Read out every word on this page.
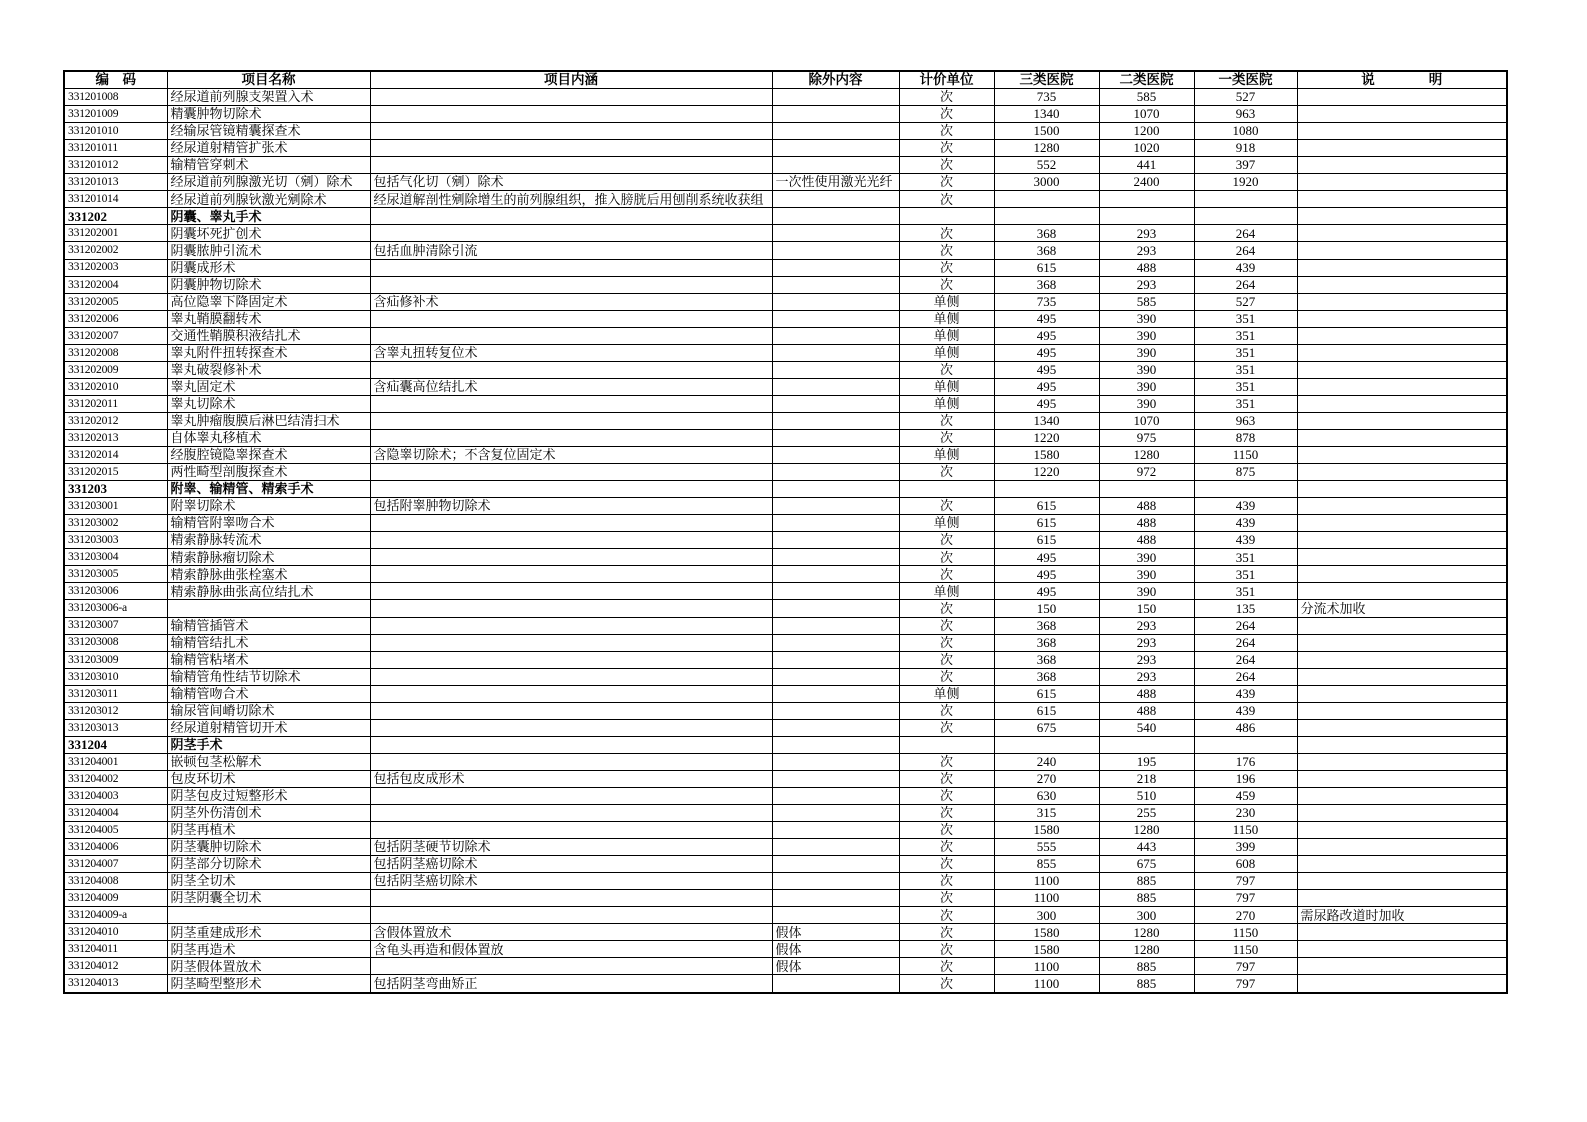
编　码	项目名称	项目内涵	除外内容	计价单位	三类医院	二类医院	一类医院	说　　　　明
331201008	经尿道前列腺支架置入术			次	735	585	527	
331201009	精囊肿物切除术			次	1340	1070	963	
331201010	经输尿管镜精囊探查术			次	1500	1200	1080	
331201011	经尿道射精管扩张术			次	1280	1020	918	
331201012	输精管穿刺术			次	552	441	397	
331201013	经尿道前列腺激光切（剜）除术	包括气化切（剜）除术	一次性使用激光光纤	次	3000	2400	1920	
331201014	经尿道前列腺钬激光剜除术	经尿道解剖性剜除增生的前列腺组织，推入膀胱后用刨削系统收获组		次				
331202	阴囊、睾丸手术							
331202001	阴囊坏死扩创术			次	368	293	264	
331202002	阴囊脓肿引流术	包括血肿清除引流		次	368	293	264	
331202003	阴囊成形术			次	615	488	439	
331202004	阴囊肿物切除术			次	368	293	264	
331202005	高位隐睾下降固定术	含疝修补术		单侧	735	585	527	
331202006	睾丸鞘膜翻转术			单侧	495	390	351	
331202007	交通性鞘膜积液结扎术			单侧	495	390	351	
331202008	睾丸附件扭转探查术	含睾丸扭转复位术		单侧	495	390	351	
331202009	睾丸破裂修补术			次	495	390	351	
331202010	睾丸固定术	含疝囊高位结扎术		单侧	495	390	351	
331202011	睾丸切除术			单侧	495	390	351	
331202012	睾丸肿瘤腹膜后淋巴结清扫术			次	1340	1070	963	
331202013	自体睾丸移植术			次	1220	975	878	
331202014	经腹腔镜隐睾探查术	含隐睾切除术；不含复位固定术		单侧	1580	1280	1150	
331202015	两性畸型剖腹探查术			次	1220	972	875	
331203	附睾、输精管、精索手术							
331203001	附睾切除术	包括附睾肿物切除术		次	615	488	439	
331203002	输精管附睾吻合术			单侧	615	488	439	
331203003	精索静脉转流术			次	615	488	439	
331203004	精索静脉瘤切除术			次	495	390	351	
331203005	精索静脉曲张栓塞术			次	495	390	351	
331203006	精索静脉曲张高位结扎术			单侧	495	390	351	
331203006-a				次	150	150	135	分流术加收
331203007	输精管插管术			次	368	293	264	
331203008	输精管结扎术			次	368	293	264	
331203009	输精管粘堵术			次	368	293	264	
331203010	输精管角性结节切除术			次	368	293	264	
331203011	输精管吻合术			单侧	615	488	439	
331203012	输尿管间嵴切除术			次	615	488	439	
331203013	经尿道射精管切开术			次	675	540	486	
331204	阴茎手术							
331204001	嵌顿包茎松解术			次	240	195	176	
331204002	包皮环切术	包括包皮成形术		次	270	218	196	
331204003	阴茎包皮过短整形术			次	630	510	459	
331204004	阴茎外伤清创术			次	315	255	230	
331204005	阴茎再植术			次	1580	1280	1150	
331204006	阴茎囊肿切除术	包括阴茎硬节切除术		次	555	443	399	
331204007	阴茎部分切除术	包括阴茎癌切除术		次	855	675	608	
331204008	阴茎全切术	包括阴茎癌切除术		次	1100	885	797	
331204009	阴茎阴囊全切术			次	1100	885	797	
331204009-a				次	300	300	270	需尿路改道时加收
331204010	阴茎重建成形术	含假体置放术	假体	次	1580	1280	1150	
331204011	阴茎再造术	含龟头再造和假体置放	假体	次	1580	1280	1150	
331204012	阴茎假体置放术		假体	次	1100	885	797	
331204013	阴茎畸型整形术	包括阴茎弯曲矫正		次	1100	885	797	
